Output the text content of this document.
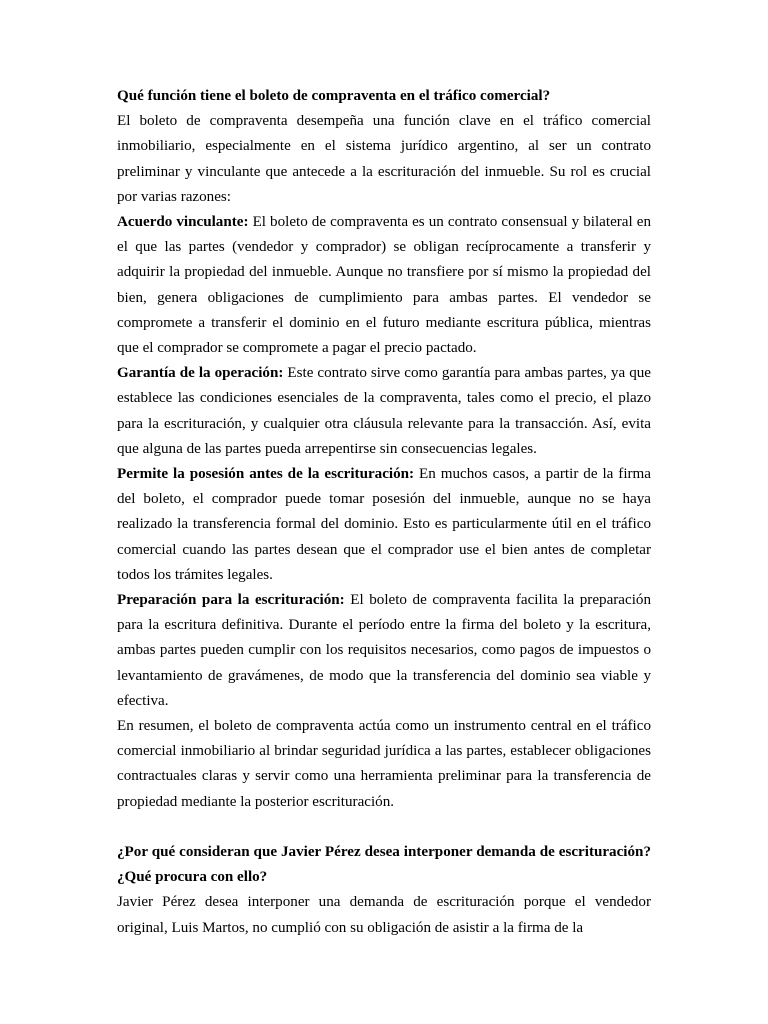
Qué función tiene el boleto de compraventa en el tráfico comercial?

El boleto de compraventa desempeña una función clave en el tráfico comercial inmobiliario, especialmente en el sistema jurídico argentino, al ser un contrato preliminar y vinculante que antecede a la escrituración del inmueble. Su rol es crucial por varias razones:

Acuerdo vinculante: El boleto de compraventa es un contrato consensual y bilateral en el que las partes (vendedor y comprador) se obligan recíprocamente a transferir y adquirir la propiedad del inmueble. Aunque no transfiere por sí mismo la propiedad del bien, genera obligaciones de cumplimiento para ambas partes. El vendedor se compromete a transferir el dominio en el futuro mediante escritura pública, mientras que el comprador se compromete a pagar el precio pactado.

Garantía de la operación: Este contrato sirve como garantía para ambas partes, ya que establece las condiciones esenciales de la compraventa, tales como el precio, el plazo para la escrituración, y cualquier otra cláusula relevante para la transacción. Así, evita que alguna de las partes pueda arrepentirse sin consecuencias legales.

Permite la posesión antes de la escrituración: En muchos casos, a partir de la firma del boleto, el comprador puede tomar posesión del inmueble, aunque no se haya realizado la transferencia formal del dominio. Esto es particularmente útil en el tráfico comercial cuando las partes desean que el comprador use el bien antes de completar todos los trámites legales.

Preparación para la escrituración: El boleto de compraventa facilita la preparación para la escritura definitiva. Durante el período entre la firma del boleto y la escritura, ambas partes pueden cumplir con los requisitos necesarios, como pagos de impuestos o levantamiento de gravámenes, de modo que la transferencia del dominio sea viable y efectiva.

En resumen, el boleto de compraventa actúa como un instrumento central en el tráfico comercial inmobiliario al brindar seguridad jurídica a las partes, establecer obligaciones contractuales claras y servir como una herramienta preliminar para la transferencia de propiedad mediante la posterior escrituración.

¿Por qué consideran que Javier Pérez desea interponer demanda de escrituración? ¿Qué procura con ello?

Javier Pérez desea interponer una demanda de escrituración porque el vendedor original, Luis Martos, no cumplió con su obligación de asistir a la firma de la
